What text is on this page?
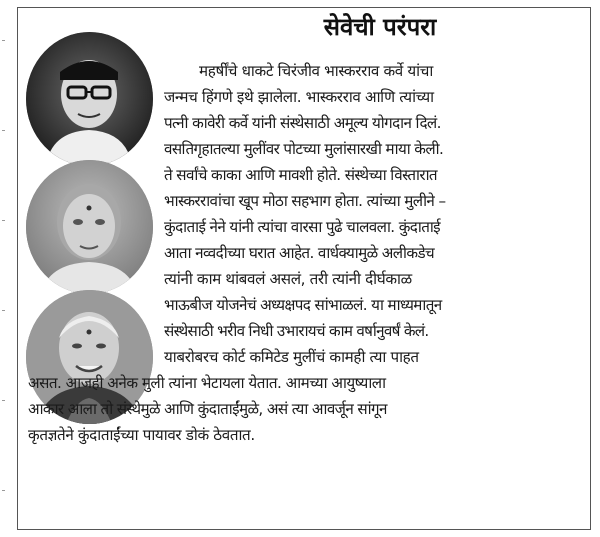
सेवेची परंपरा
महर्षींचे धाकटे चिरंजीव भास्करराव कर्वे यांचा
जन्मच हिंगणे इथे झालेला. भास्करराव आणि त्यांच्या
पत्नी कावेरी कर्वे यांनी संस्थेसाठी अमूल्य योगदान दिलं.
वसतिगृहातल्या मुलींवर पोटच्या मुलांसारखी माया केली.
ते सर्वांचे काका आणि मावशी होते. संस्थेच्या विस्तारात
भास्कररावांचा खूप मोठा सहभाग होता. त्यांच्या मुलीने –
कुंदाताई नेने यांनी त्यांचा वारसा पुढे चालवला. कुंदाताई
आता नव्वदीच्या घरात आहेत. वार्धक्यामुळे अलीकडेच
त्यांनी काम थांबवलं असलं, तरी त्यांनी दीर्घकाळ
भाऊबीज योजनेचं अध्यक्षपद सांभाळलं. या माध्यमातून
संस्थेसाठी भरीव निधी उभारायचं काम वर्षानुवर्षं केलं.
याबरोबरच कोर्ट कमिटेड मुलींचं कामही त्या पाहत
असत. आजही अनेक मुली त्यांना भेटायला येतात. आमच्या आयुष्याला
आकार आला तो संस्थेमुळे आणि कुंदाताईंमुळे, असं त्या आवर्जून सांगून
कृतज्ञतेने कुंदाताईंच्या पायावर डोकं ठेवतात.
